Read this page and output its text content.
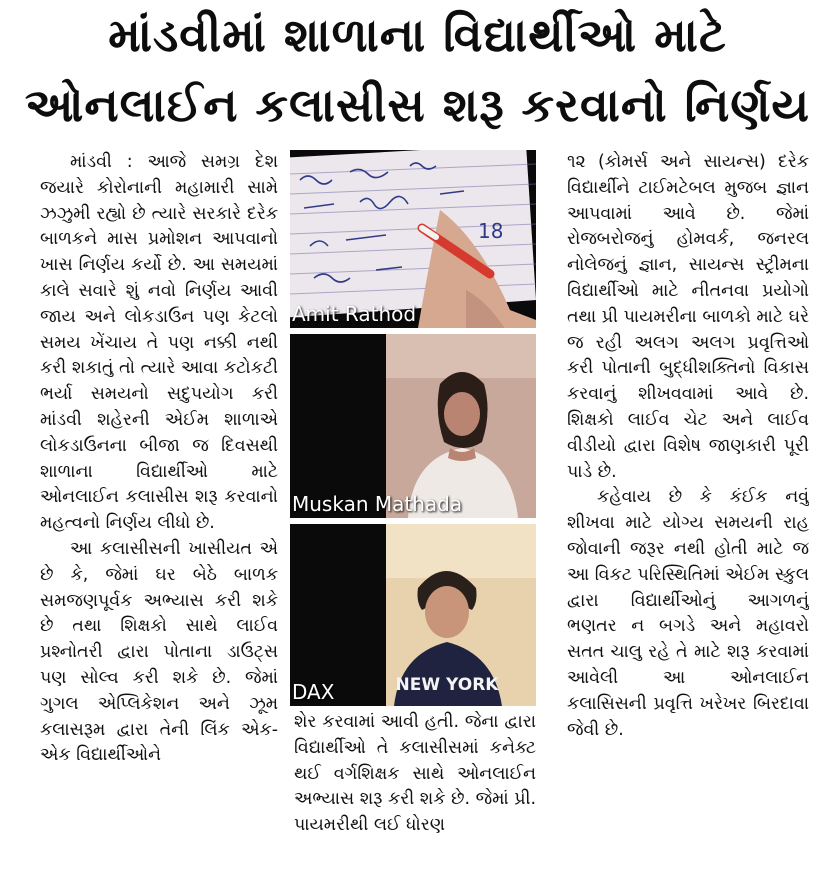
માંડવીમાં શાળાના વિદ્યાર્થીઓ માટે
ઓનલાઈન કલાસીસ શરૂ કરવાનો નિર્ણય

માંડવી : આજે સમગ્ર દેશ જયારે કોરોનાની મહામારી સામે ઝઝુમી રહ્યો છે ત્યારે સરકારે દરેક બાળકને માસ પ્રમોશન આપવાનો ખાસ નિર્ણય કર્યો છે. આ સમયમાં કાલે સવારે શું નવો નિર્ણય આવી જાય અને લોકડાઉન પણ કેટલો સમય ખેંચાય તે પણ નક્કી નથી કરી શકાતું તો ત્યારે આવા કટોકટી ભર્યા સમયનો સદુપયોગ કરી માંડવી શહેરની એઈમ શાળાએ લોકડાઉનના બીજા જ દિવસથી શાળાના વિદ્યાર્થીઓ માટે ઓનલાઈન કલાસીસ શરૂ કરવાનો મહત્વનો નિર્ણય લીધો છે.

આ કલાસીસની ખાસીયત એ છે કે, જેમાં ઘર બેઠે બાળક સમજણપૂર્વક અભ્યાસ કરી શકે છે તથા શિક્ષકો સાથે લાઈવ પ્રશ્નોતરી દ્વારા પોતાના ડાઉટ્સ પણ સોલ્વ કરી શકે છે. જેમાં ગુગલ એપ્લિકેશન અને ઝૂમ કલાસરૂમ દ્વારા તેની લિંક એક-એક વિદ્યાર્થીઓને

18
Amit Rathod
Muskan Mathada
NEW YORK
DAX

શેર કરવામાં આવી હતી. જેના દ્વારા વિદ્યાર્થીઓ તે કલાસીસમાં કનેક્ટ થઈ વર્ગશિક્ષક સાથે ઓનલાઈન અભ્યાસ શરૂ કરી શકે છે. જેમાં પ્રી. પાયમરીથી લઈ ધોરણ

૧૨ (કોમર્સ અને સાયન્સ) દરેક વિદ્યાર્થીને ટાઈમટેબલ મુજબ જ્ઞાન આપવામાં આવે છે. જેમાં રોજબરોજનું હોમવર્ક, જનરલ નોલેજનું જ્ઞાન, સાયન્સ સ્ટ્રીમના વિદ્યાર્થીઓ માટે નીતનવા પ્રયોગો તથા પ્રી પાયમરીના બાળકો માટે ઘરે જ રહી અલગ અલગ પ્રવૃત્તિઓ કરી પોતાની બુદ્ધીશક્તિનો વિકાસ કરવાનું શીખવવામાં આવે છે. શિક્ષકો લાઈવ ચેટ અને લાઈવ વીડીયો દ્વારા વિશેષ જાણકારી પૂરી પાડે છે.

કહેવાય છે કે કંઈક નવું શીખવા માટે યોગ્ય સમયની રાહ જોવાની જરૂર નથી હોતી માટે જ આ વિકટ પરિસ્થિતિમાં એઈમ સ્કુલ દ્વારા વિદ્યાર્થીઓનું આગળનું ભણતર ન બગડે અને મહાવરો સતત ચાલુ રહે તે માટે શરૂ કરવામાં આવેલી આ ઓનલાઈન કલાસિસની પ્રવૃત્તિ ખરેખર બિરદાવા જેવી છે.
